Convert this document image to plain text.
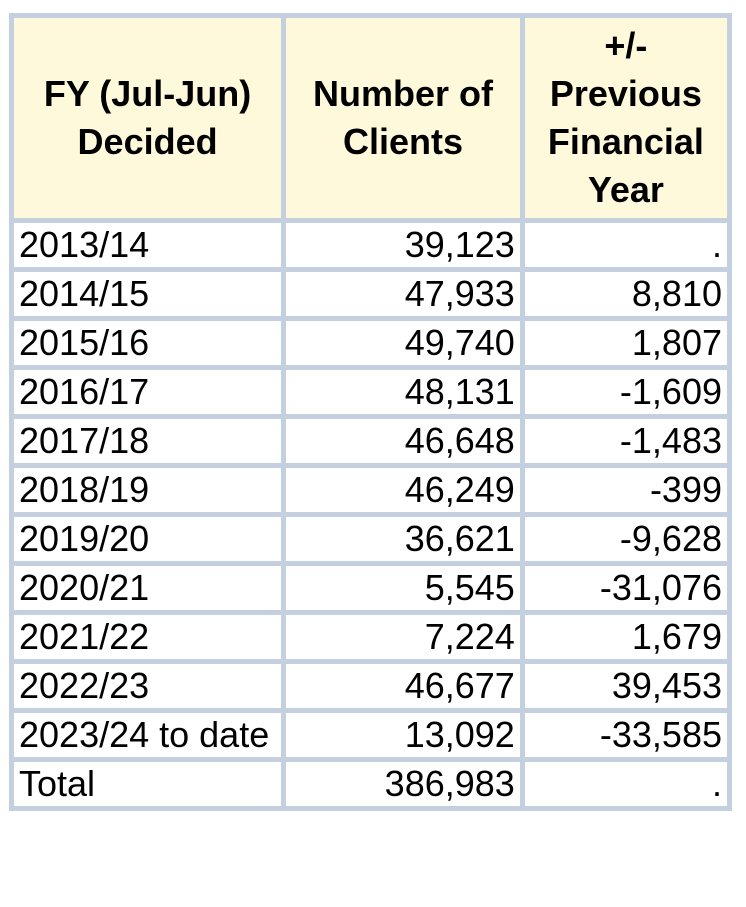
FY (Jul-Jun) Decided	Number of Clients	+/- Previous Financial Year
2013/14	39,123	.
2014/15	47,933	8,810
2015/16	49,740	1,807
2016/17	48,131	-1,609
2017/18	46,648	-1,483
2018/19	46,249	-399
2019/20	36,621	-9,628
2020/21	5,545	-31,076
2021/22	7,224	1,679
2022/23	46,677	39,453
2023/24 to date	13,092	-33,585
Total	386,983	.
